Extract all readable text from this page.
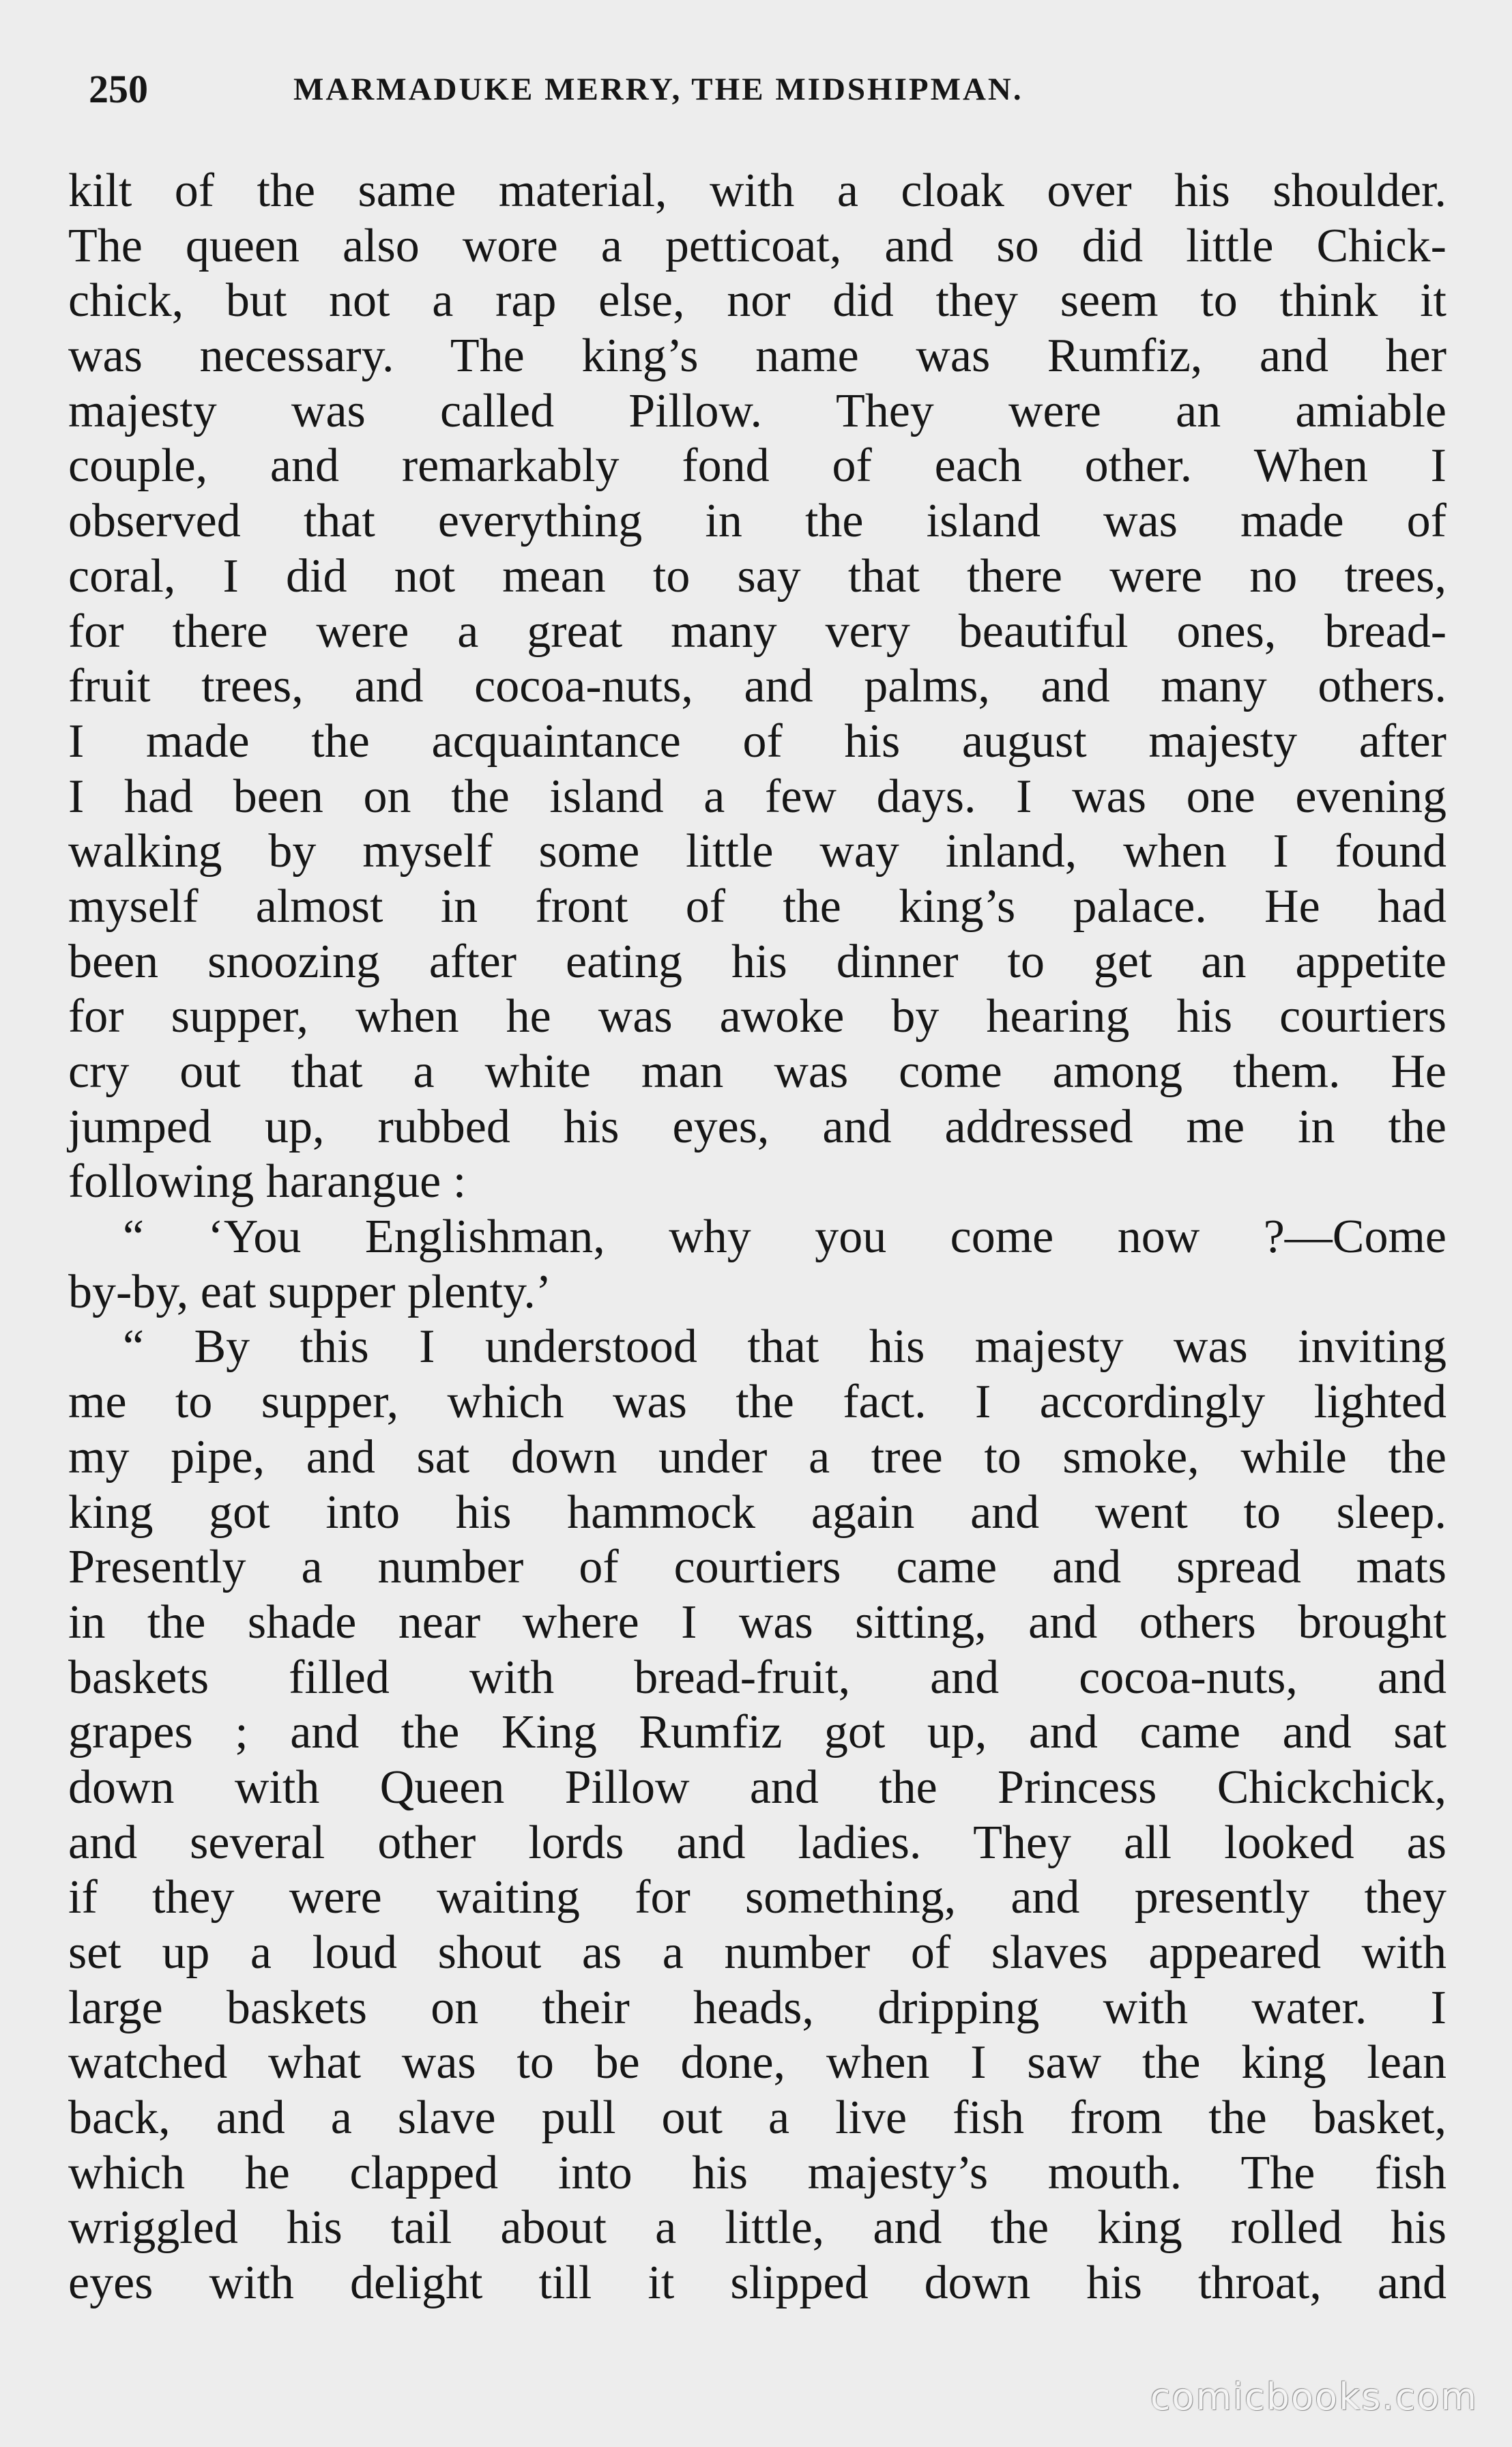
250	MARMADUKE MERRY, THE MIDSHIPMAN.
kilt of the same material, with a cloak over his shoulder.
The queen also wore a petticoat, and so did little Chick-
chick, but not a rap else, nor did they seem to think it
was necessary. The king’s name was Rumfiz, and her
majesty was called Pillow. They were an amiable
couple, and remarkably fond of each other. When I
observed that everything in the island was made of
coral, I did not mean to say that there were no trees,
for there were a great many very beautiful ones, bread-
fruit trees, and cocoa-nuts, and palms, and many others.
I made the acquaintance of his august majesty after
I had been on the island a few days. I was one evening
walking by myself some little way inland, when I found
myself almost in front of the king’s palace. He had
been snoozing after eating his dinner to get an appetite
for supper, when he was awoke by hearing his courtiers
cry out that a white man was come among them. He
jumped up, rubbed his eyes, and addressed me in the
following harangue :
“ ‘You Englishman, why you come now ?—Come
by-by, eat supper plenty.’
“ By this I understood that his majesty was inviting
me to supper, which was the fact. I accordingly lighted
my pipe, and sat down under a tree to smoke, while the
king got into his hammock again and went to sleep.
Presently a number of courtiers came and spread mats
in the shade near where I was sitting, and others brought
baskets filled with bread-fruit, and cocoa-nuts, and
grapes ; and the King Rumfiz got up, and came and sat
down with Queen Pillow and the Princess Chickchick,
and several other lords and ladies. They all looked as
if they were waiting for something, and presently they
set up a loud shout as a number of slaves appeared with
large baskets on their heads, dripping with water. I
watched what was to be done, when I saw the king lean
back, and a slave pull out a live fish from the basket,
which he clapped into his majesty’s mouth. The fish
wriggled his tail about a little, and the king rolled his
eyes with delight till it slipped down his throat, and
comicbooks.com
